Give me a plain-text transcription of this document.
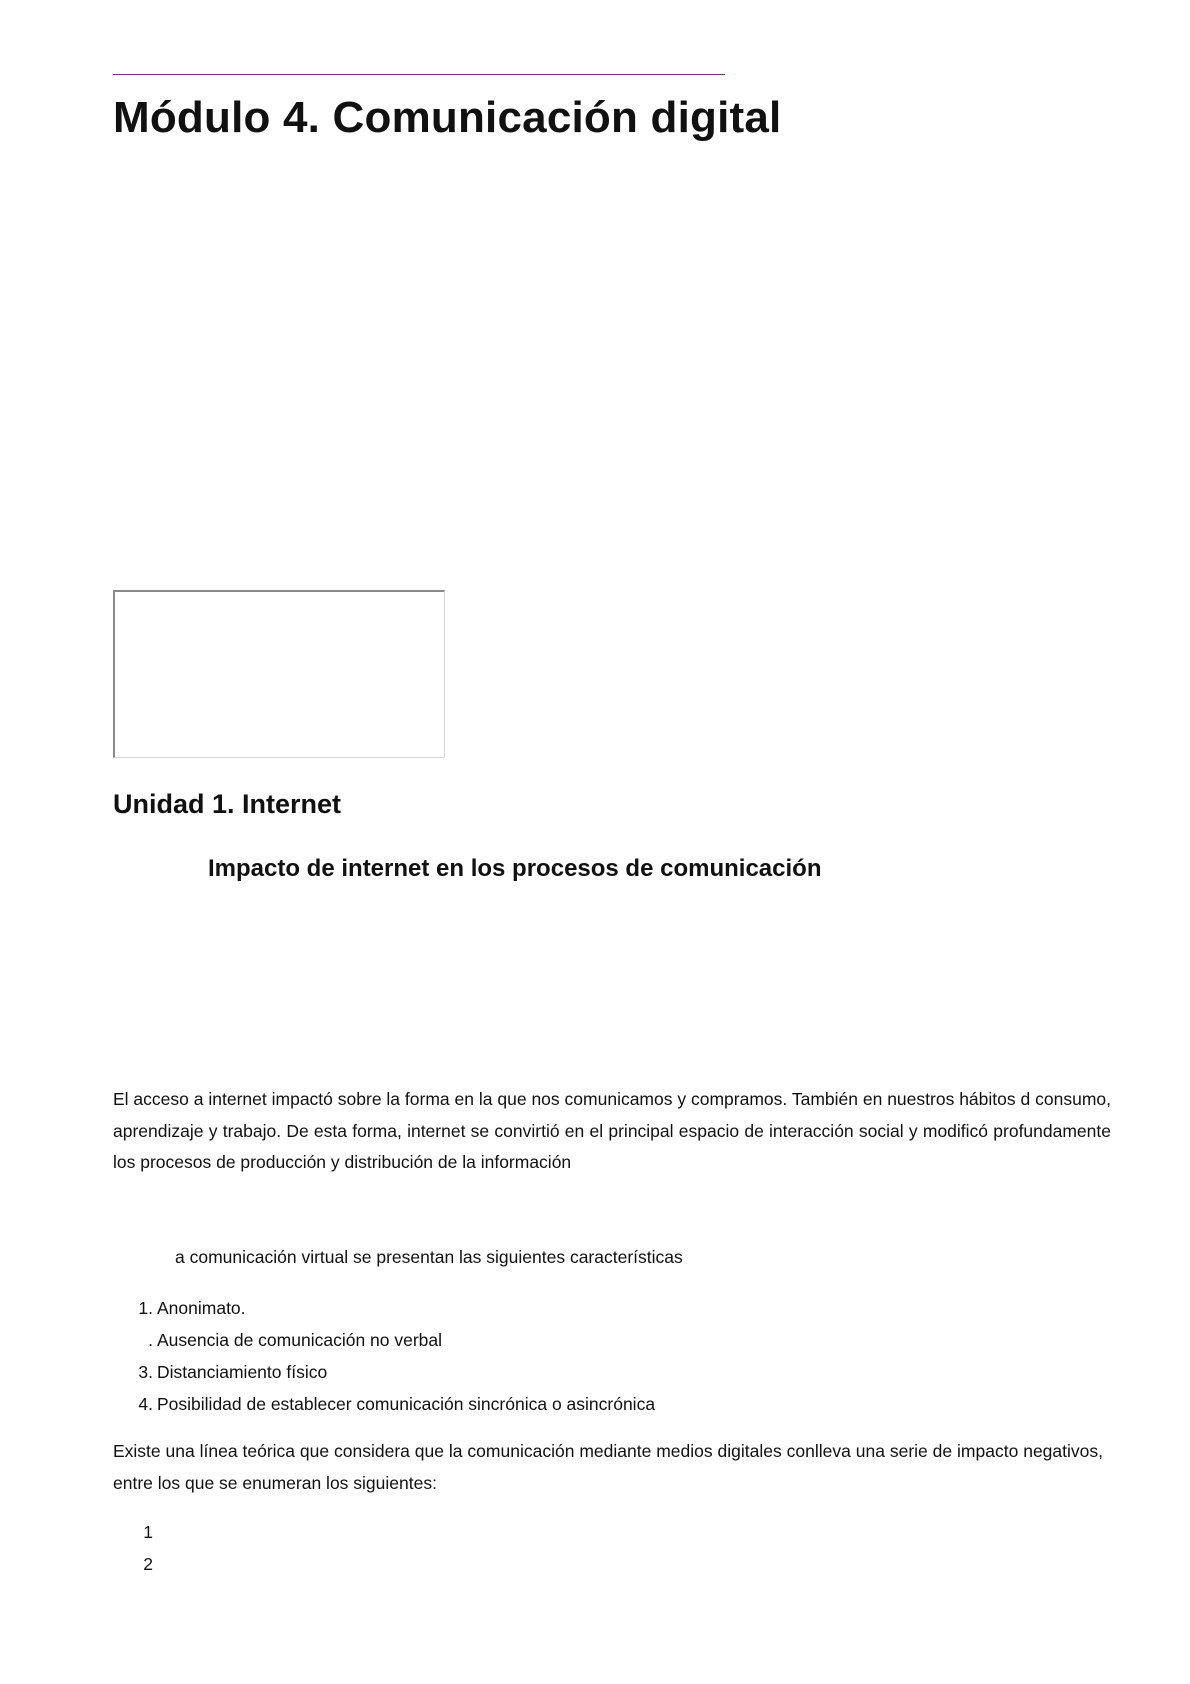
Módulo 4. Comunicación digital
Unidad 1. Internet
Impacto de internet en los procesos de comunicación

El acceso a internet impactó sobre la forma en la que nos comunicamos y compramos. También en nuestros hábitos d consumo, aprendizaje y trabajo. De esta forma, internet se convirtió en el principal espacio de interacción social y modificó profundamente los procesos de producción y distribución de la información

a comunicación virtual se presentan las siguientes características

1. Anonimato.
. Ausencia de comunicación no verbal
3. Distanciamiento físico
4. Posibilidad de establecer comunicación sincrónica o asincrónica

Existe una línea teórica que considera que la comunicación mediante medios digitales conlleva una serie de impacto negativos, entre los que se enumeran los siguientes:

1
2
